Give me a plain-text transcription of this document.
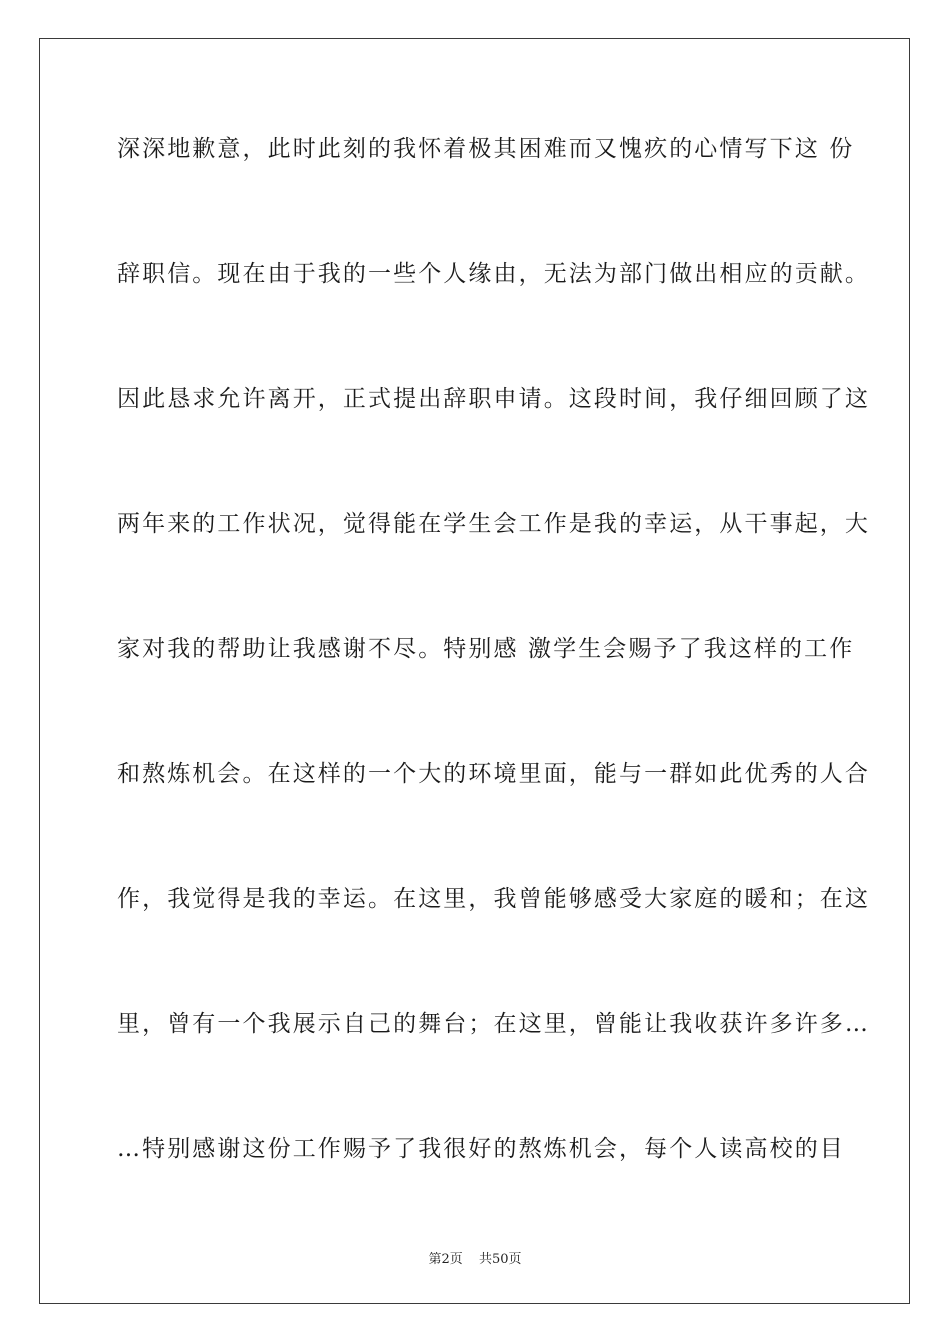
深深地歉意，此时此刻的我怀着极其困难而又愧疚的心情写下这 份
辞职信。现在由于我的一些个人缘由，无法为部门做出相应的贡献。
因此恳求允许离开，正式提出辞职申请。这段时间，我仔细回顾了这
两年来的工作状况，觉得能在学生会工作是我的幸运，从干事起，大
家对我的帮助让我感谢不尽。特别感 激学生会赐予了我这样的工作
和熬炼机会。在这样的一个大的环境里面，能与一群如此优秀的人合
作，我觉得是我的幸运。在这里，我曾能够感受大家庭的暖和；在这
里，曾有一个我展示自己的舞台；在这里，曾能让我收获许多许多…
…特别感谢这份工作赐予了我很好的熬炼机会，每个人读高校的目
第2页 共50页
